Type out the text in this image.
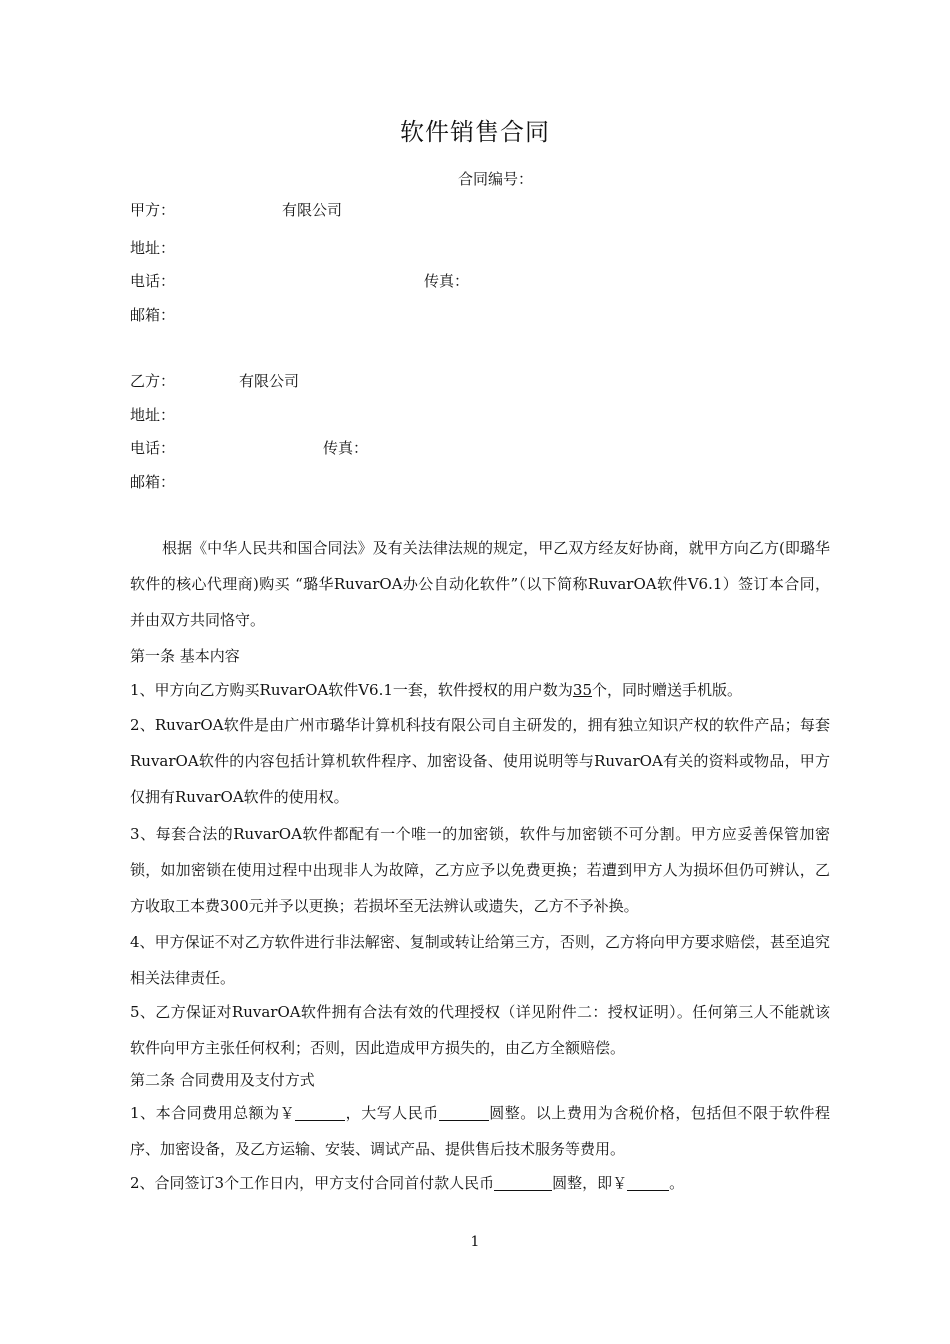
软件销售合同
合同编号：
甲方：	有限公司
地址：
电话：	传真：
邮箱：
乙方：	有限公司
地址：
电话：	传真：
邮箱：
根据《中华人民共和国合同法》及有关法律法规的规定，甲乙双方经友好协商，就甲方向乙方(即璐华软件的核心代理商)购买 “璐华RuvarOA办公自动化软件”（以下简称RuvarOA软件V6.1）签订本合同，并由双方共同恪守。
第一条 基本内容
1、甲方向乙方购买RuvarOA软件V6.1一套，软件授权的用户数为35个，同时赠送手机版。
2、RuvarOA软件是由广州市璐华计算机科技有限公司自主研发的，拥有独立知识产权的软件产品；每套RuvarOA软件的内容包括计算机软件程序、加密设备、使用说明等与RuvarOA有关的资料或物品，甲方仅拥有RuvarOA软件的使用权。
3、每套合法的RuvarOA软件都配有一个唯一的加密锁，软件与加密锁不可分割。甲方应妥善保管加密锁，如加密锁在使用过程中出现非人为故障，乙方应予以免费更换；若遭到甲方人为损坏但仍可辨认，乙方收取工本费300元并予以更换；若损坏至无法辨认或遗失，乙方不予补换。
4、甲方保证不对乙方软件进行非法解密、复制或转让给第三方，否则，乙方将向甲方要求赔偿，甚至追究相关法律责任。
5、乙方保证对RuvarOA软件拥有合法有效的代理授权（详见附件二：授权证明）。任何第三人不能就该软件向甲方主张任何权利；否则，因此造成甲方损失的，由乙方全额赔偿。
第二条 合同费用及支付方式
1、本合同费用总额为￥	，大写人民币	圆整。以上费用为含税价格，包括但不限于软件程序、加密设备，及乙方运输、安装、调试产品、提供售后技术服务等费用。
2、合同签订3个工作日内，甲方支付合同首付款人民币	圆整，即￥	。
1
